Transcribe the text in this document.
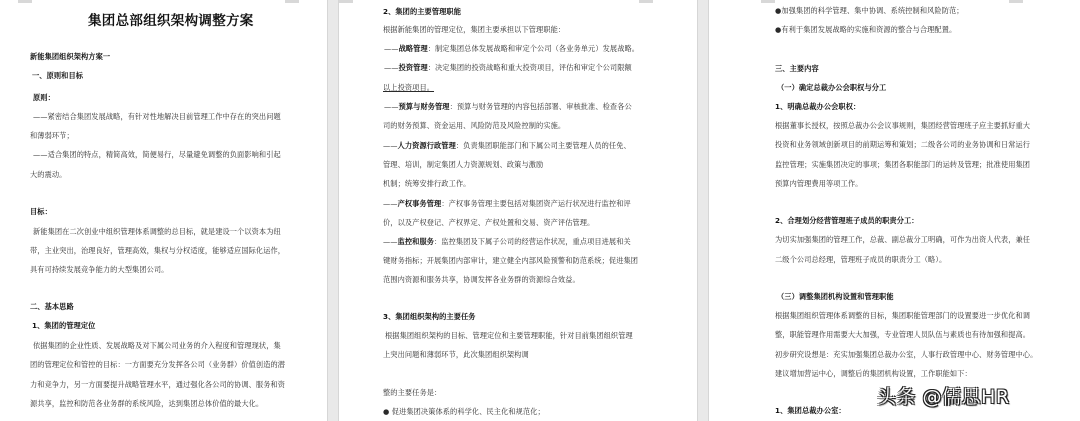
集团总部组织架构调整方案
新能集团组织架构方案一
一、原则和目标
原则：
——紧密结合集团发展战略，有针对性地解决目前管理工作中存在的突出问题
和薄弱环节；
——适合集团的特点，精简高效，简便易行，尽量避免调整的负面影响和引起
大的震动。
目标：
新能集团在二次创业中组织管理体系调整的总目标，就是建设一个以资本为纽
带，主业突出，治理良好，管理高效，集权与分权适度，能够适应国际化运作，
具有可持续发展竞争能力的大型集团公司。
二、基本思路
1、集团的管理定位
依据集团的企业性质、发展战略及对下属公司业务的介入程度和管理现状，集
团的管理定位和管控的目标：一方面要充分发挥各公司（业务群）价值创造的潜
力和竞争力，另一方面要提升战略管理水平，通过强化各公司的协调、服务和资
源共享，监控和防范各业务群的系统风险，达到集团总体价值的最大化。
2、集团的主要管理职能
根据新能集团的管理定位，集团主要承担以下管理职能：
——战略管理：制定集团总体发展战略和审定个公司（各业务单元）发展战略。
——投资管理：决定集团的投资战略和重大投资项目，评估和审定个公司限额
以上投资项目。
——预算与财务管理：预算与财务管理的内容包括部署、审核批准、检查各公
司的财务预算、资金运用、风险防范及风险控制的实施。
——人力资源行政管理：负责集团职能部门和下属公司主要管理人员的任免、
管理、培训，制定集团人力资源规划、政策与激励
机制；统筹安排行政工作。
——产权事务管理：产权事务管理主要包括对集团资产运行状况进行监控和评
价，以及产权登记、产权界定、产权处置和交易、资产评估管理。
——监控和服务：监控集团及下属子公司的经营运作状况，重点项目进展和关
键财务指标；开展集团内部审计，建立健全内部风险预警和防范系统；促进集团
范围内资源和服务共享，协调发挥各业务群的资源综合效益。
3、集团组织架构的主要任务
根据集团组织架构的目标、管理定位和主要管理职能，针对目前集团组织管理
上突出问题和薄弱环节，此次集团组织架构调
整的主要任务是：
● 促进集团决策体系的科学化、民主化和规范化；
●加强集团的科学管理、集中协调、系统控制和风险防范；
●有利于集团发展战略的实施和资源的整合与合理配置。
三、主要内容
（一）确定总裁办公会职权与分工
1、明确总裁办公会职权：
根据董事长授权，按照总裁办公会议事规则，集团经营管理班子应主要抓好重大
投资和业务领域创新项目的前期运筹和策划；二级各公司的业务协调和日常运行
监控管理；实施集团决定的事项；集团各职能部门的运转及管理；批准使用集团
预算内管理费用等项工作。
2、合理划分经营管理班子成员的职责分工：
为切实加强集团的管理工作，总裁、副总裁分工明确，可作为出资人代表，兼任
二级个公司总经理，管理班子成员的职责分工（略）。
（三）调整集团机构设置和管理职能
根据集团组织管理体系调整的目标，集团职能管理部门的设置要进一步优化和调
整，职能管理作用需要大大加强，专业管理人员队伍与素质也有待加强和提高。
初步研究设想是：充实加强集团总裁办公室，人事行政管理中心、财务管理中心。
建议增加营运中心，调整后的集团机构设置，工作职能如下：
1、集团总裁办公室：
头条 @儒思HR
